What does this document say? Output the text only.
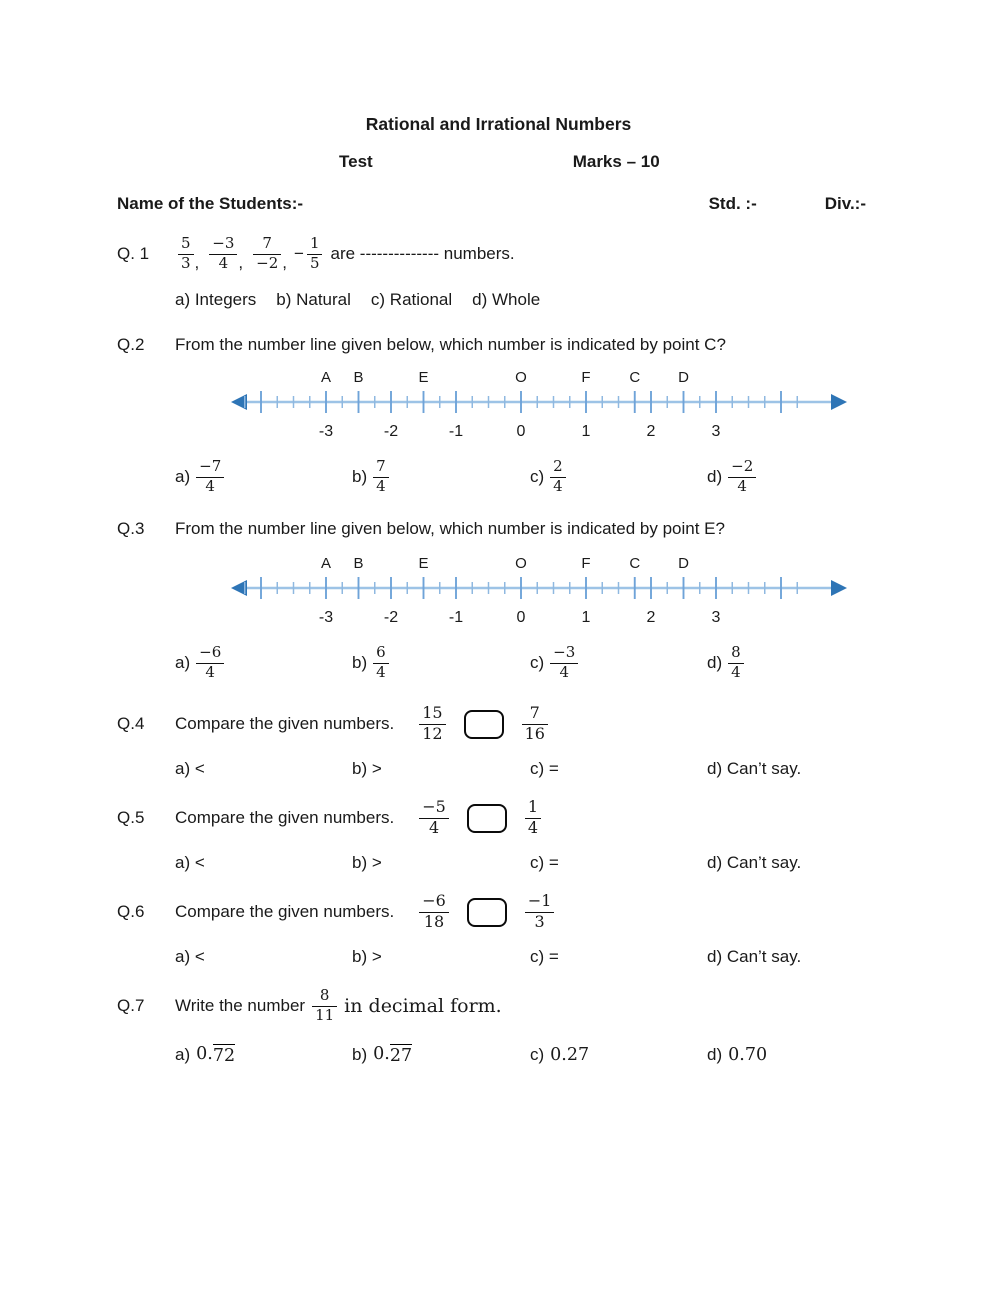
Rational and Irrational Numbers
Test	Marks – 10
Name of the Students:-	Std. :-	Div.:-
Q. 1	$\frac{5}{3}$ , $\frac{-3}{4}$ , $\frac{7}{-2}$ , − $\frac{1}{5}$ are -------------- numbers.
a) Integers b) Natural c) Rational d) Whole
Q.2	From the number line given below, which number is indicated by point C?
A B	E	O	F	C	D
-3	-2	-1	0	1	2	3
$a) \frac{-7}{4}$	$b) \frac{7}{4}$	$c) \frac{2}{4}$	$d) \frac{-2}{4}$
Q.3	From the number line given below, which number is indicated by point E?
A B	E	O	F	C	D
-3	-2	-1	0	1	2	3
$a) \frac{-6}{4}$	$b) \frac{6}{4}$	$c) \frac{-3}{4}$	$d) \frac{8}{4}$
Q.4	Compare the given numbers. $\frac{15}{12}$	$\frac{7}{16}$
a) <	b) >	c) =	d) Can’t say.
Q.5	Compare the given numbers. $\frac{-5}{4}$	$\frac{1}{4}$
a) <	b) >	c) =	d) Can’t say.
Q.6	Compare the given numbers. $\frac{-6}{18}$	$\frac{-1}{3}$
a) <	b) >	c) =	d) Can’t say.
Q.7	Write the number $\frac{8}{11}$ in decimal form.
a) 0. 72	b) 0. 27	c) 0.27	d) 0.70
